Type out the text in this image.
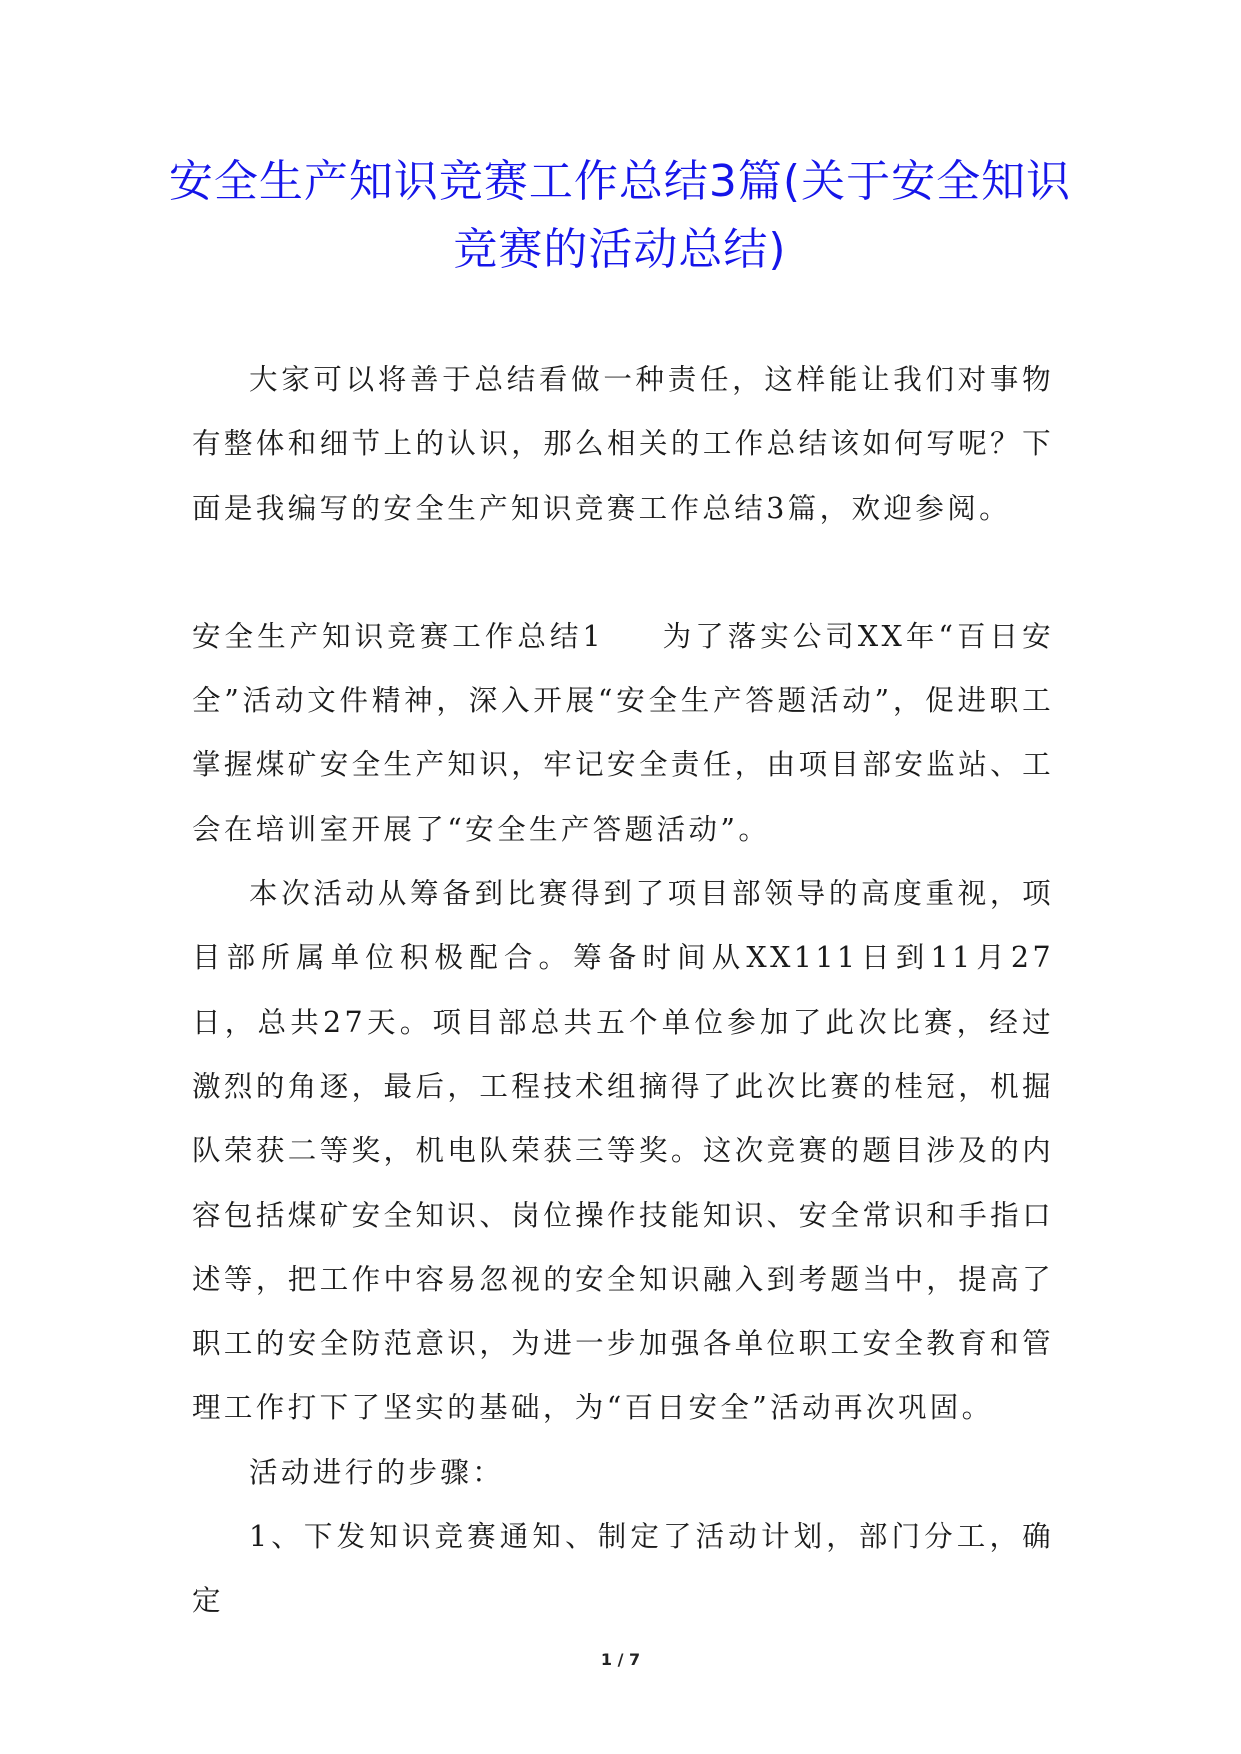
安全生产知识竞赛工作总结3篇(关于安全知识竞赛的活动总结)

大家可以将善于总结看做一种责任，这样能让我们对事物有整体和细节上的认识，那么相关的工作总结该如何写呢？下面是我编写的安全生产知识竞赛工作总结3篇，欢迎参阅。

安全生产知识竞赛工作总结1 为了落实公司XX年“百日安全”活动文件精神，深入开展“安全生产答题活动”，促进职工掌握煤矿安全生产知识，牢记安全责任，由项目部安监站、工会在培训室开展了“安全生产答题活动”。

本次活动从筹备到比赛得到了项目部领导的高度重视，项目部所属单位积极配合。筹备时间从XX111日到11月27日，总共27天。项目部总共五个单位参加了此次比赛，经过激烈的角逐，最后，工程技术组摘得了此次比赛的桂冠，机掘队荣获二等奖，机电队荣获三等奖。这次竞赛的题目涉及的内容包括煤矿安全知识、岗位操作技能知识、安全常识和手指口述等，把工作中容易忽视的安全知识融入到考题当中，提高了职工的安全防范意识，为进一步加强各单位职工安全教育和管理工作打下了坚实的基础，为“百日安全”活动再次巩固。

活动进行的步骤：

1、下发知识竞赛通知、制定了活动计划，部门分工，确定

1 / 7
